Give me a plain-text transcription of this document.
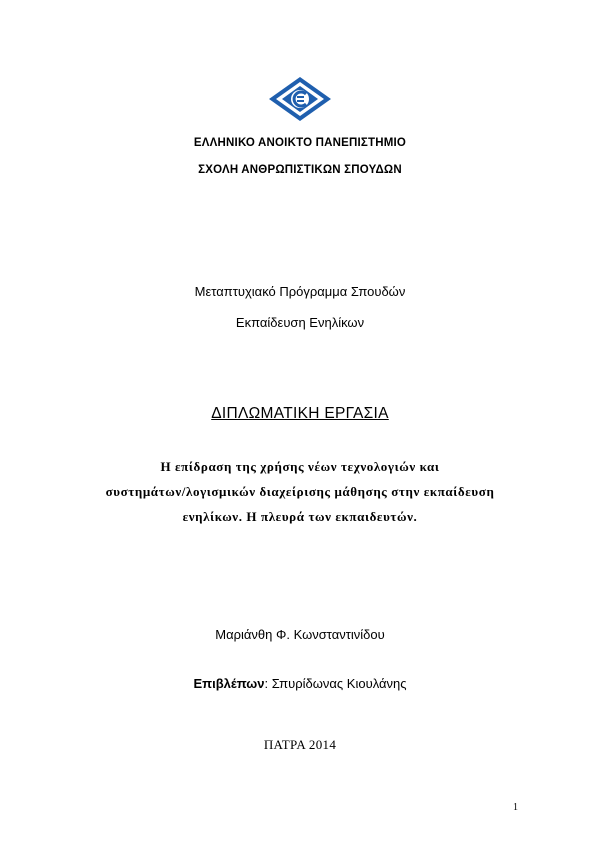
ΕΛΛΗΝΙΚΟ ΑΝΟΙΚΤΟ ΠΑΝΕΠΙΣΤΗΜΙΟ
ΣΧΟΛΗ ΑΝΘΡΩΠΙΣΤΙΚΩΝ ΣΠΟΥΔΩΝ
Μεταπτυχιακό Πρόγραμμα Σπουδών
Εκπαίδευση Ενηλίκων
ΔΙΠΛΩΜΑΤΙΚΗ ΕΡΓΑΣΙΑ
Η επίδραση της χρήσης νέων τεχνολογιών και
συστημάτων/λογισμικών διαχείρισης μάθησης στην εκπαίδευση
ενηλίκων. Η πλευρά των εκπαιδευτών.
Μαριάνθη Φ. Κωνσταντινίδου
Επιβλέπων: Σπυρίδωνας Κιουλάνης
ΠΑΤΡΑ 2014
1
